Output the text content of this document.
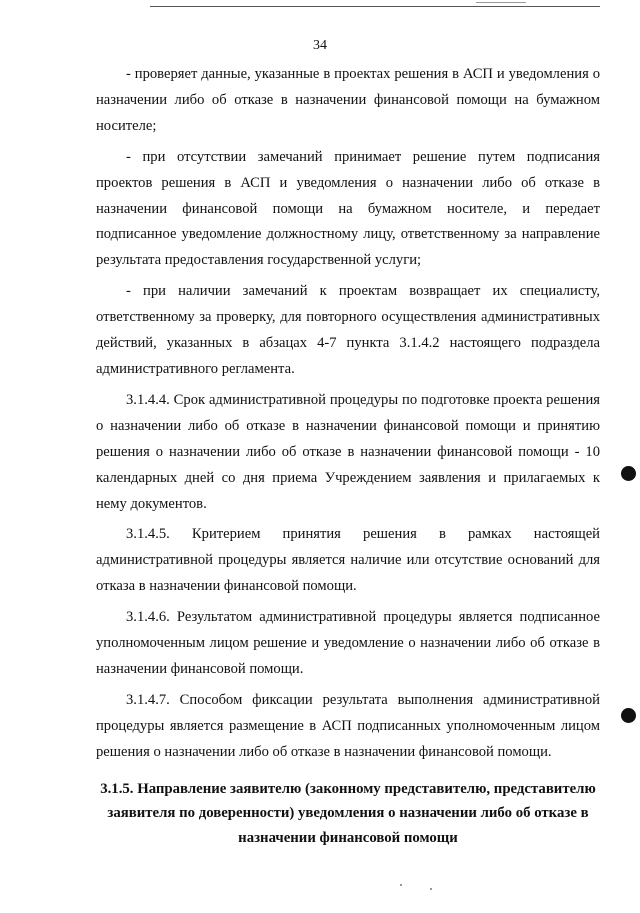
34

- проверяет данные, указанные в проектах решения в АСП и уведомления о назначении либо об отказе в назначении финансовой помощи на бумажном носителе;

- при отсутствии замечаний принимает решение путем подписания проектов решения в АСП и уведомления о назначении либо об отказе в назначении финансовой помощи на бумажном носителе, и передает подписанное уведомление должностному лицу, ответственному за направление результата предоставления государственной услуги;

- при наличии замечаний к проектам возвращает их специалисту, ответственному за проверку, для повторного осуществления административных действий, указанных в абзацах 4-7 пункта 3.1.4.2 настоящего подраздела административного регламента.

3.1.4.4. Срок административной процедуры по подготовке проекта решения о назначении либо об отказе в назначении финансовой помощи и принятию решения о назначении либо об отказе в назначении финансовой помощи - 10 календарных дней со дня приема Учреждением заявления и прилагаемых к нему документов.

3.1.4.5. Критерием принятия решения в рамках настоящей административной процедуры является наличие или отсутствие оснований для отказа в назначении финансовой помощи.

3.1.4.6. Результатом административной процедуры является подписанное уполномоченным лицом решение и уведомление о назначении либо об отказе в назначении финансовой помощи.

3.1.4.7. Способом фиксации результата выполнения административной процедуры является размещение в АСП подписанных уполномоченным лицом решения о назначении либо об отказе в назначении финансовой помощи.

3.1.5. Направление заявителю (законному представителю, представителю заявителя по доверенности) уведомления о назначении либо об отказе в назначении финансовой помощи
